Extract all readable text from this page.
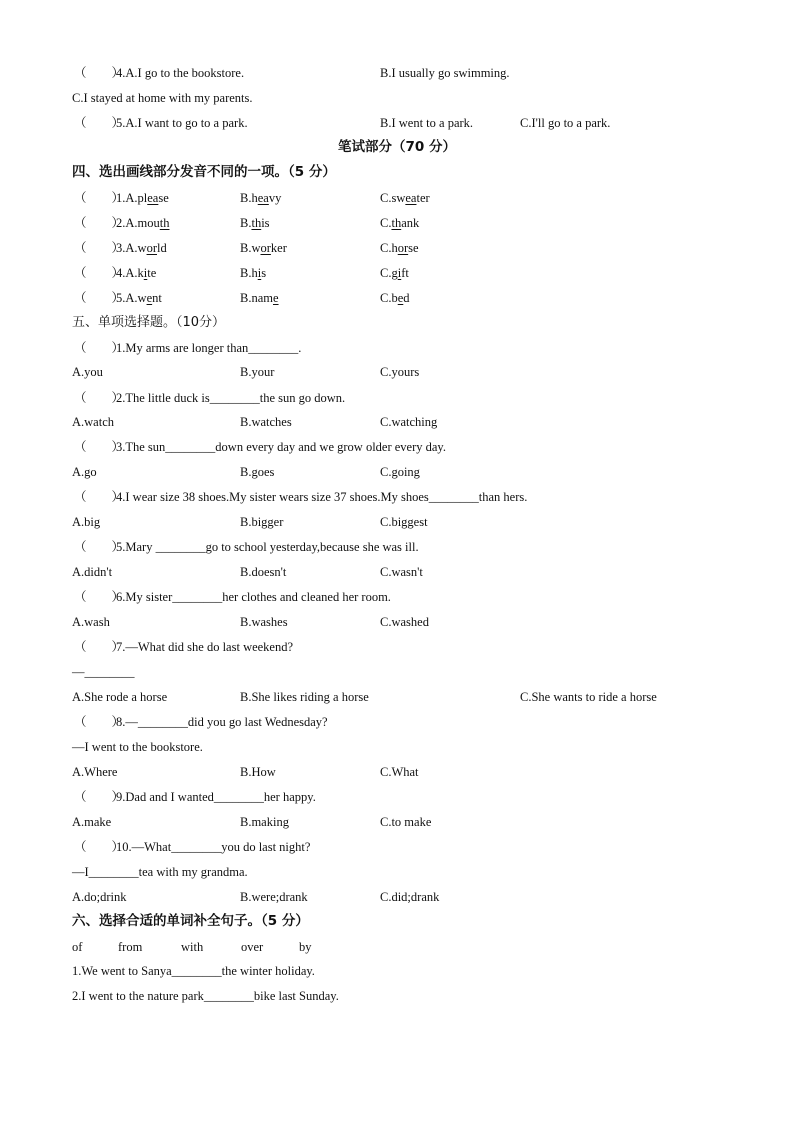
（　　）
4.A.I go to the bookstore.	B.I usually go swimming.
C.I stayed at home with my parents.
（　　）
5.A.I want to go to a park.	B.I went to a park.	C.I'll go to a park.
笔试部分（70 分）
四、选出画线部分发音不同的一项。（5 分）
（　　）
1.A.please	B.heavy	C.sweater
（　　）
2.A.mouth	B.this	C.thank
（　　）
3.A.world	B.worker	C.horse
（　　）
4.A.kite	B.his	C.gift
（　　）
5.A.went	B.name	C.bed
五、单项选择题。（10分）
（　　）
1.My arms are longer than________.
A.you	B.your	C.yours
（　　）
2.The little duck is________the sun go down.
A.watch	B.watches	C.watching
（　　）
3.The sun________down every day and we grow older every day.
A.go	B.goes	C.going
（　　）
4.I wear size 38 shoes.My sister wears size 37 shoes.My shoes________than hers.
A.big	B.bigger	C.biggest
（　　）
5.Mary ________go to school yesterday,because she was ill.
A.didn't	B.doesn't	C.wasn't
（　　）
6.My sister________her clothes and cleaned her room.
A.wash	B.washes	C.washed
（　　）
7.—What did she do last weekend?
—________
A.She rode a horse	B.She likes riding a horse	C.She wants to ride a horse
（　　）
8.—________did you go last Wednesday?
—I went to the bookstore.
A.Where	B.How	C.What
（　　）
9.Dad and I wanted________her happy.
A.make	B.making	C.to make
（　　）
10.—What________you do last night?
—I________tea with my grandma.
A.do;drink	B.were;drank	C.did;drank
六、选择合适的单词补全句子。（5 分）
of	from	with	over	by
1.We went to Sanya________the winter holiday.
2.I went to the nature park________bike last Sunday.
